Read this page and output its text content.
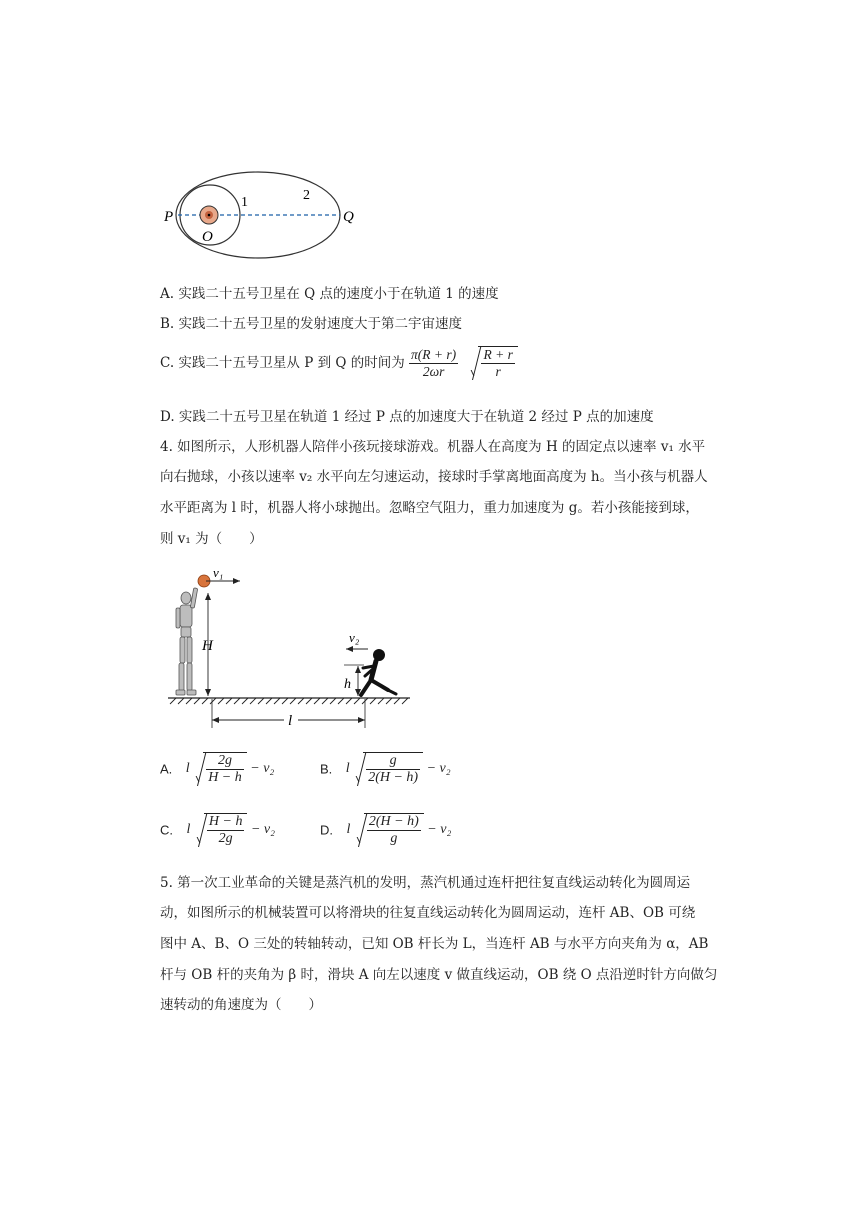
P	Q
O
1	2
A. 实践二十五号卫星在 Q 点的速度小于在轨道 1 的速度
B. 实践二十五号卫星的发射速度大于第二宇宙速度
C. 实践二十五号卫星从 P 到 Q 的时间为 $\frac{\pi(R + r)}{2\omega r}$
$\frac{R + r}{r}$
D. 实践二十五号卫星在轨道 1 经过 P 点的加速度大于在轨道 2 经过 P 点的加速度
4. 如图所示，人形机器人陪伴小孩玩接球游戏。机器人在高度为 H 的固定点以速率 v₁ 水平
向右抛球，小孩以速率 v₂ 水平向左匀速运动，接球时手掌离地面高度为 h。当小孩与机器人
水平距离为 l 时，机器人将小球抛出。忽略空气阻力，重力加速度为 g。若小孩能接到球，
则 v₁ 为（　　）
v₁
H
v₂
h
l
A. l $\frac{2g}{H - h} - v_2$	B. l $\frac{g}{2(H - h)} - v_2$
C. l $\frac{H - h}{2g} - v_2$	D. l $\frac{2(H - h)}{g} - v_2$
5. 第一次工业革命的关键是蒸汽机的发明，蒸汽机通过连杆把往复直线运动转化为圆周运
动，如图所示的机械装置可以将滑块的往复直线运动转化为圆周运动，连杆 AB、OB 可绕
图中 A、B、O 三处的转轴转动，已知 OB 杆长为 L，当连杆 AB 与水平方向夹角为 α，AB
杆与 OB 杆的夹角为 β 时，滑块 A 向左以速度 v 做直线运动，OB 绕 O 点沿逆时针方向做匀
速转动的角速度为（　　）
